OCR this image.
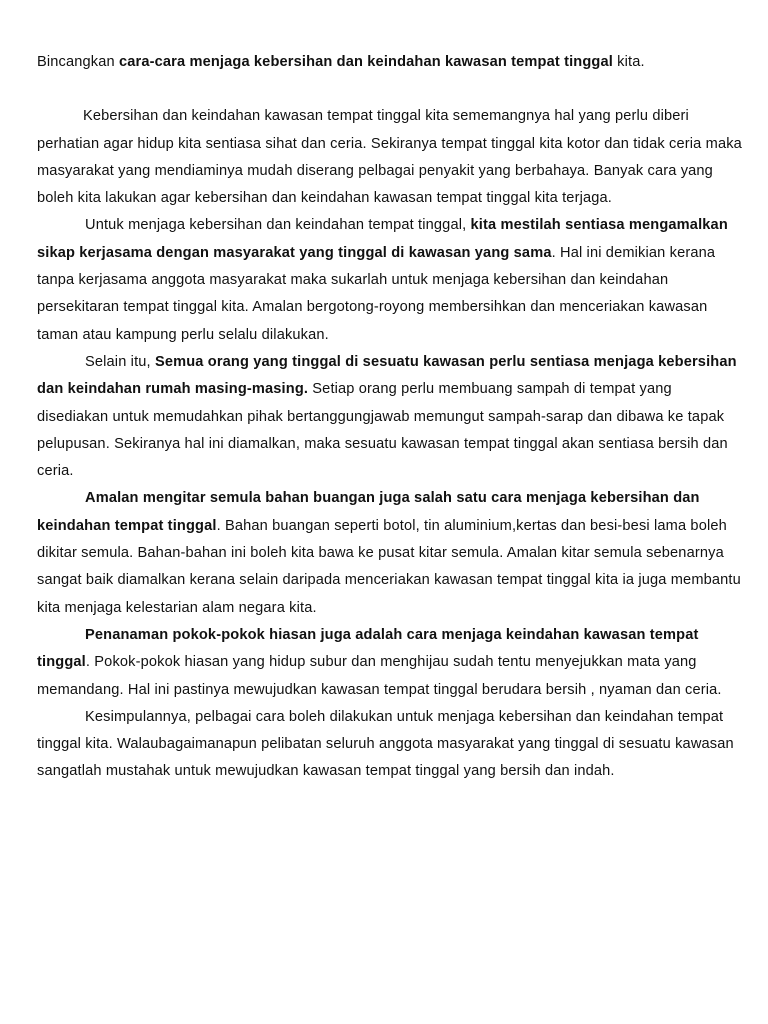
Bincangkan cara-cara menjaga kebersihan dan keindahan kawasan tempat tinggal kita.

Kebersihan dan keindahan kawasan tempat tinggal kita sememangnya hal yang perlu diberi perhatian agar hidup kita sentiasa sihat dan ceria. Sekiranya tempat tinggal kita kotor dan tidak ceria maka masyarakat yang mendiaminya mudah diserang pelbagai penyakit yang berbahaya. Banyak cara yang boleh kita lakukan agar kebersihan dan keindahan kawasan tempat tinggal kita terjaga.

Untuk menjaga kebersihan dan keindahan tempat tinggal, kita mestilah sentiasa mengamalkan sikap kerjasama dengan masyarakat yang tinggal di kawasan yang sama. Hal ini demikian kerana tanpa kerjasama anggota masyarakat maka sukarlah untuk menjaga kebersihan dan keindahan persekitaran tempat tinggal kita. Amalan bergotong-royong membersihkan dan menceriakan kawasan taman atau kampung perlu selalu dilakukan.

Selain itu, Semua orang yang tinggal di sesuatu kawasan perlu sentiasa menjaga kebersihan dan keindahan rumah masing-masing. Setiap orang perlu membuang sampah di tempat yang disediakan untuk memudahkan pihak bertanggungjawab memungut sampah-sarap dan dibawa ke tapak pelupusan. Sekiranya hal ini diamalkan, maka sesuatu kawasan tempat tinggal akan sentiasa bersih dan ceria.

Amalan mengitar semula bahan buangan juga salah satu cara menjaga kebersihan dan keindahan tempat tinggal. Bahan buangan seperti botol, tin aluminium,kertas dan besi-besi lama boleh dikitar semula. Bahan-bahan ini boleh kita bawa ke pusat kitar semula. Amalan kitar semula sebenarnya sangat baik diamalkan kerana selain daripada menceriakan kawasan tempat tinggal kita ia juga membantu kita menjaga kelestarian alam negara kita.

Penanaman pokok-pokok hiasan juga adalah cara menjaga keindahan kawasan tempat tinggal. Pokok-pokok hiasan yang hidup subur dan menghijau sudah tentu menyejukkan mata yang memandang. Hal ini pastinya mewujudkan kawasan tempat tinggal berudara bersih , nyaman dan ceria.

Kesimpulannya, pelbagai cara boleh dilakukan untuk menjaga kebersihan dan keindahan tempat tinggal kita. Walaubagaimanapun pelibatan seluruh anggota masyarakat yang tinggal di sesuatu kawasan sangatlah mustahak untuk mewujudkan kawasan tempat tinggal yang bersih dan indah.
